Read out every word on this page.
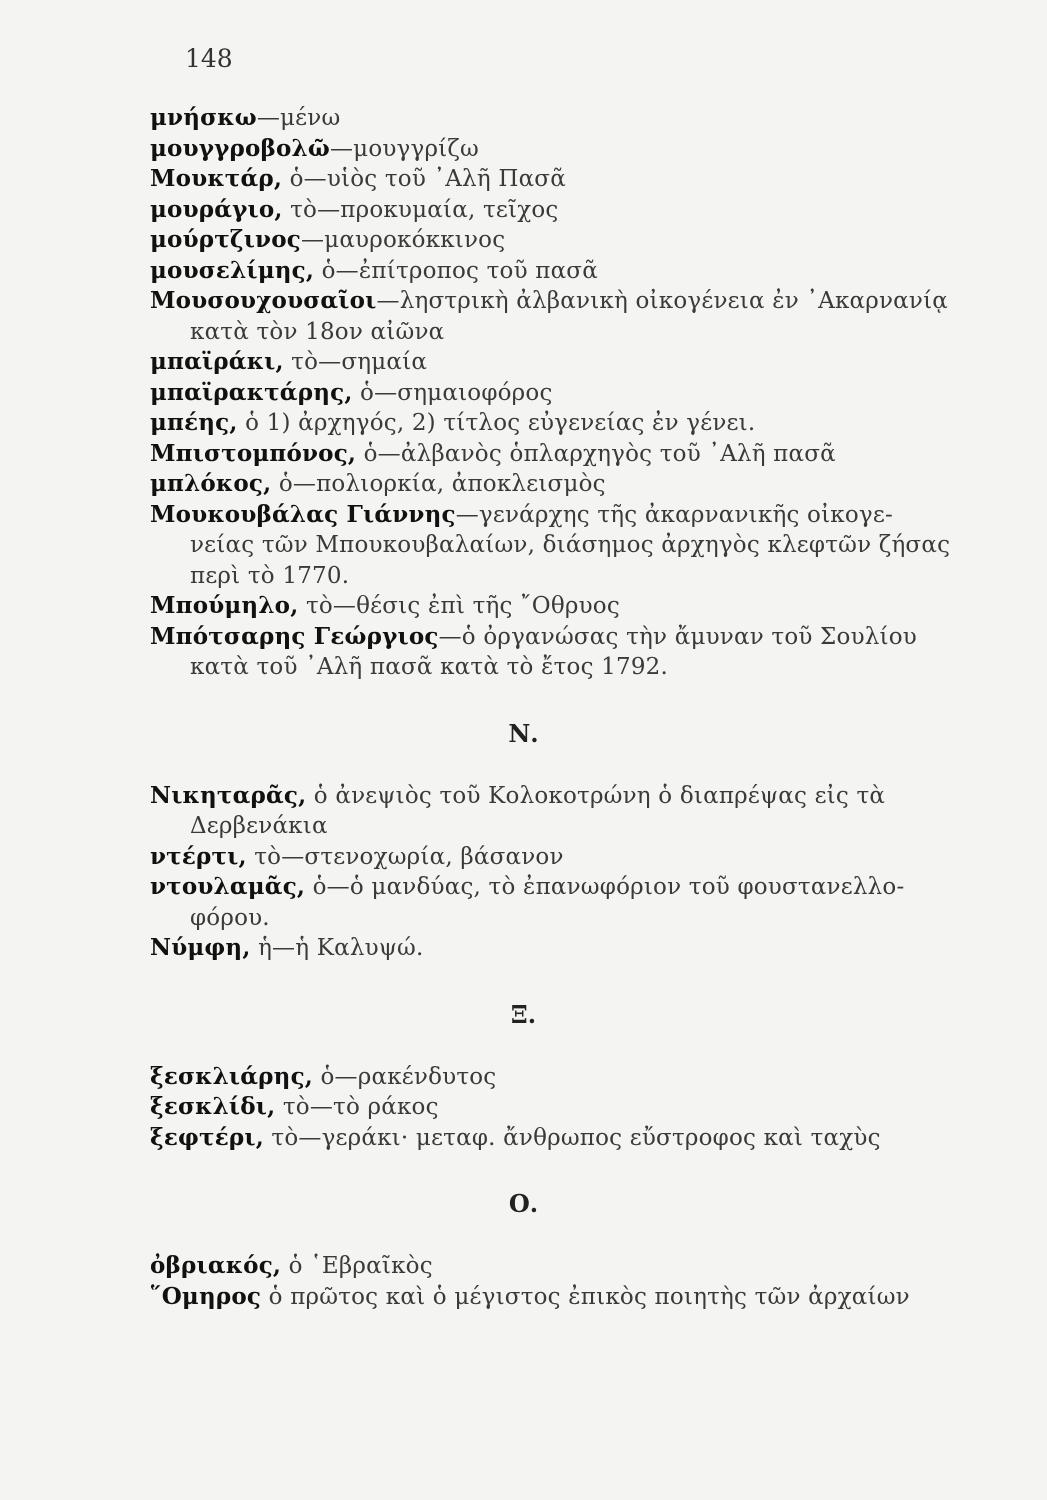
148
μνήσκω—μένω
μουγγροβολῶ—μουγγρίζω
Μουκτάρ, ὁ—υἱὸς τοῦ ᾿Αλῆ Πασᾶ
μουράγιο, τὸ—προκυμαία, τεῖχος
μούρτζινος—μαυροκόκκινος
μουσελίμης, ὁ—ἐπίτροπος τοῦ πασᾶ
Μουσουχουσαῖοι—ληστρικὴ ἀλβανικὴ οἰκογένεια ἐν ᾿Ακαρνανίᾳ
κατὰ τὸν 18ον αἰῶνα
μπαϊράκι, τὸ—σημαία
μπαϊρακτάρης, ὁ—σημαιοφόρος
μπέης, ὁ 1) ἀρχηγός, 2) τίτλος εὐγενείας ἐν γένει.
Μπιστομπόνος, ὁ—ἀλβανὸς ὁπλαρχηγὸς τοῦ ᾿Αλῆ πασᾶ
μπλόκος, ὁ—πολιορκία, ἀποκλεισμὸς
Μουκουβάλας Γιάννης—γενάρχης τῆς ἀκαρνανικῆς οἰκογε-
νείας τῶν Μπουκουβαλαίων, διάσημος ἀρχηγὸς κλεφτῶν ζήσας
περὶ τὸ 1770.
Μπούμηλο, τὸ—θέσις ἐπὶ τῆς ῎Οθρυος
Μπότσαρης Γεώργιος—ὁ ὀργανώσας τὴν ἄμυναν τοῦ Σουλίου
κατὰ τοῦ ᾿Αλῆ πασᾶ κατὰ τὸ ἔτος 1792.
Ν.
Νικηταρᾶς, ὁ ἀνεψιὸς τοῦ Κολοκοτρώνη ὁ διαπρέψας εἰς τὰ
Δερβενάκια
ντέρτι, τὸ—στενοχωρία, βάσανον
ντουλαμᾶς, ὁ—ὁ μανδύας, τὸ ἐπανωφόριον τοῦ φουστανελλο-
φόρου.
Νύμφη, ἡ—ἡ Καλυψώ.
Ξ.
ξεσκλιάρης, ὁ—ρακένδυτος
ξεσκλίδι, τὸ—τὸ ράκος
ξεφτέρι, τὸ—γεράκι· μεταφ. ἄνθρωπος εὔστροφος καὶ ταχὺς
Ο.
ὀβριακός, ὁ ῾Εβραῖκὸς
῞Ομηρος ὁ πρῶτος καὶ ὁ μέγιστος ἐπικὸς ποιητὴς τῶν ἀρχαίων
